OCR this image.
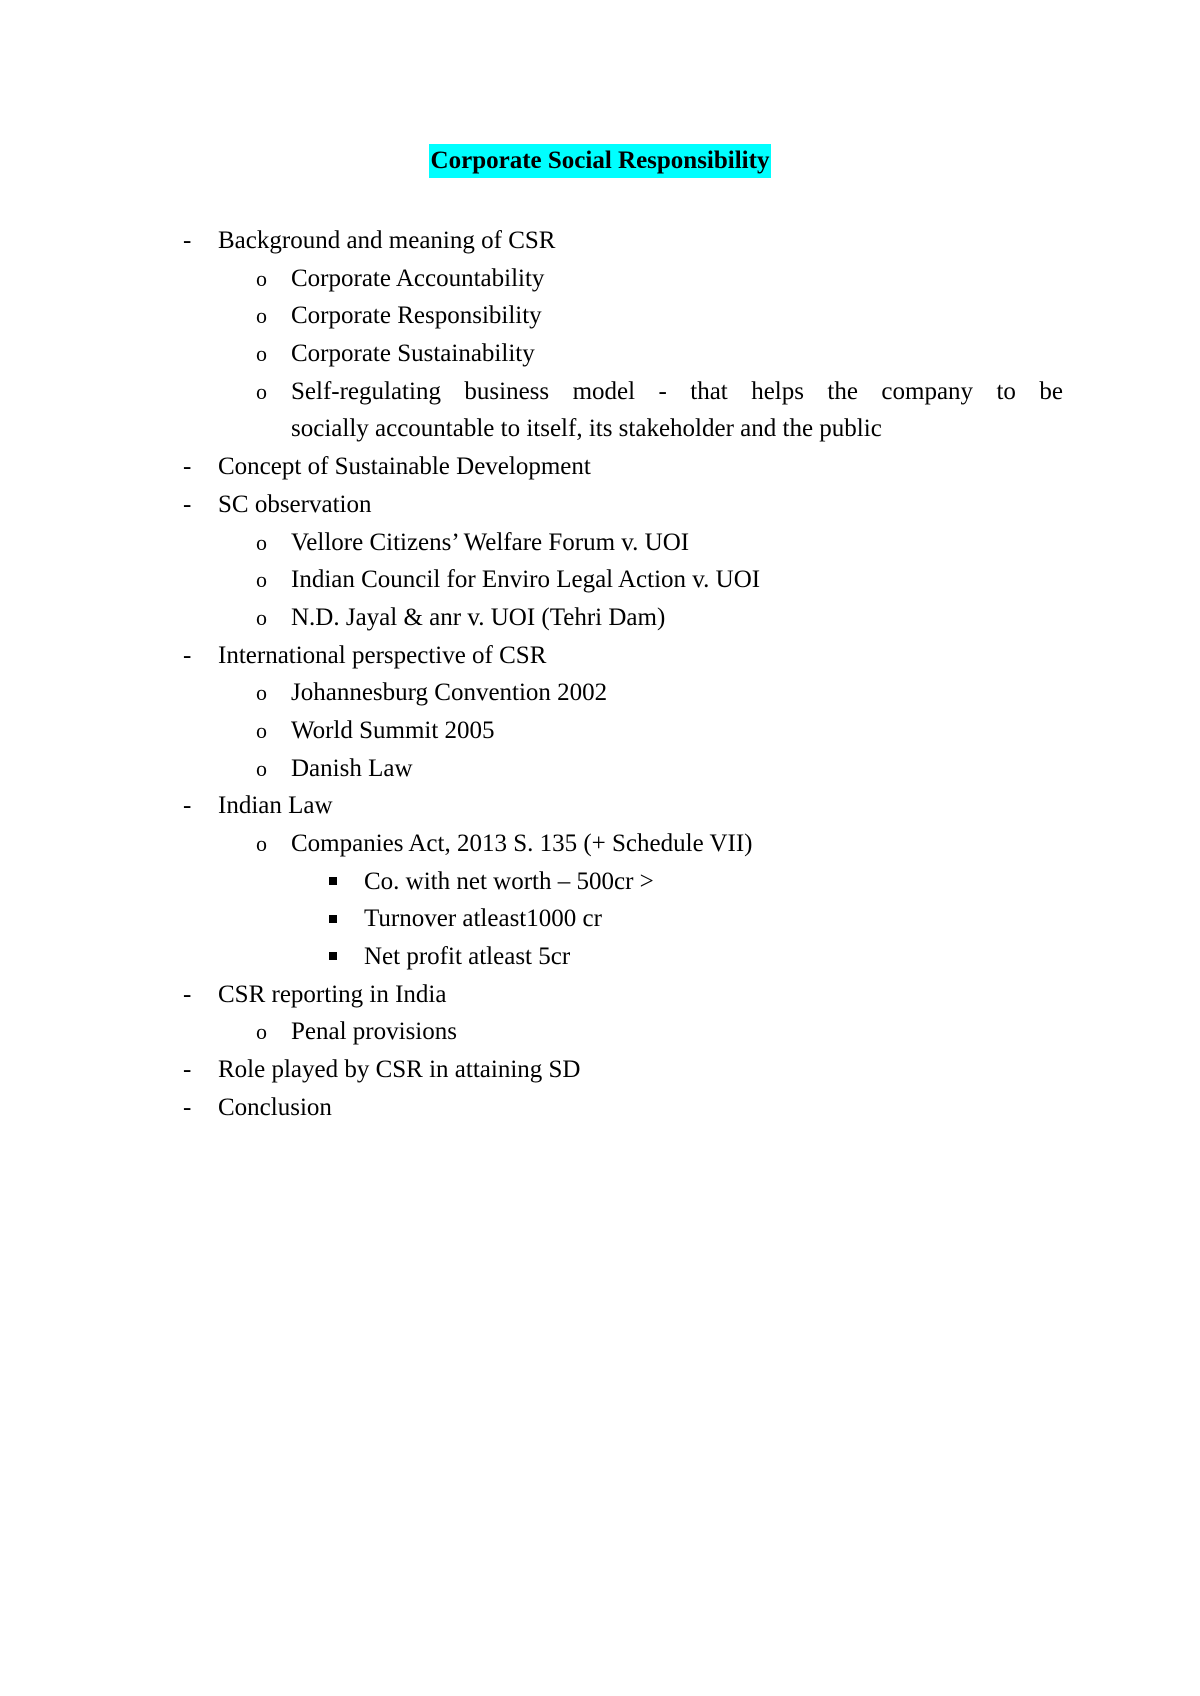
Corporate Social Responsibility
- Background and meaning of CSR
o Corporate Accountability
o Corporate Responsibility
o Corporate Sustainability
o Self-regulating business model - that helps the company to be
socially accountable to itself, its stakeholder and the public
- Concept of Sustainable Development
- SC observation
o Vellore Citizens’ Welfare Forum v. UOI
o Indian Council for Enviro Legal Action v. UOI
o N.D. Jayal & anr v. UOI (Tehri Dam)
- International perspective of CSR
o Johannesburg Convention 2002
o World Summit 2005
o Danish Law
- Indian Law
o Companies Act, 2013 S. 135 (+ Schedule VII)
Co. with net worth – 500cr >
Turnover atleast1000 cr
Net profit atleast 5cr
- CSR reporting in India
o Penal provisions
- Role played by CSR in attaining SD
- Conclusion
